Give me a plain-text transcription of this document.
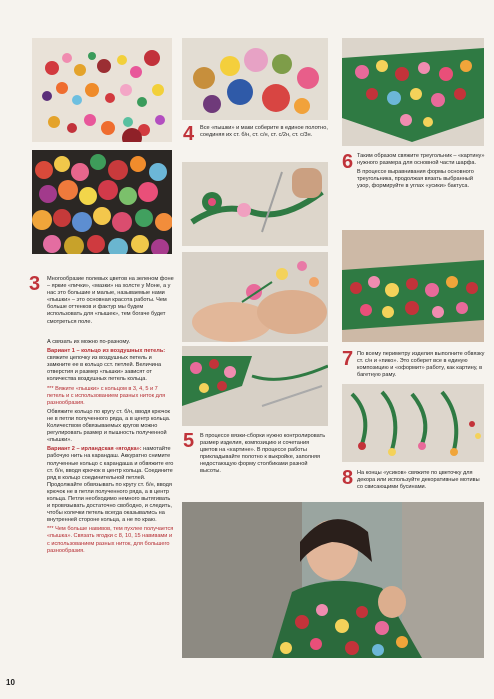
3 Многообразие полевых цветов на зеленом фоне – яркие «пички», «мазки» на холсте у Моне, а у нас это большие и малые, называемые нами «пышки» – это основная красота работы. Чем больше оттенков и фактур мы будем использовать для «пышек», тем богаче будет смотреться поле.

А связать их можно по-разному.

Вариант 1 – кольцо из воздушных петель: свяжите цепочку из воздушных петель и замкните ее в кольцо сст. петлей. Величина отверстия и размер «пышки» зависят от количества воздушных петель кольца.

*** Вяжите «пышки» с кольцом в 3, 4, 5 и 7 петель и с использованием разных ниток для разнообразия.

Обвяжите кольцо по кругу ст. б/н, вводя крючок не в петли полученного ряда, а в центр кольца. Количеством обвязываемых кругов можно регулировать размер и пышность полученной «пышки».

Вариант 2 – ирландская «ягодка»: намотайте рабочую нить на карандаш. Аккуратно снимите полученные кольцо с карандаша и обвяжите его ст. б/н, вводя крючок в центр кольца. Соедините ряд в кольцо соединительной петлей. Продолжайте обвязывать по кругу ст. б/н, вводя крючок не в петли полученного ряда, а в центр кольца. Петли необходимо немного вытягивать и провязывать достаточно свободно, и следить, чтобы колечки петель всегда оказывались на внутренней стороне кольца, а не по краю.

*** Чем больше навивов, тем пухлее получается «пышка». Связать ягодки с 8, 10, 15 навивами и с использованием разных ниток, для большего разнообразия.

4 Все «пышки» и маки соберите в единое полотно, соединяя их ст. б/н, ст. с/н, ст. с/2н, ст. с/3н.
5 В процессе вязки-сборки нужно контролировать размер изделия, композицию и сочетания цветов на «картине». В процессе работы прикладывайте полотно к выкройке, заполняя недостающую форму столбиками разной высоты.
6 Таким образом свяжите треугольник – «картину» нужного размера для основной части шарфа.

В процессе выравнивания формы основного треугольника, продолжая вязать выбранный узор, формируйте в углах «усики» бактуса.

7 По всему периметру изделия выполните обвязку ст. с/н и «пико». Это соберет все в единую композицию и «оформит» работу, как картину, в багетную раму.
8 На концы «усиков» свяжите по цветочку для декора или используйте декоративные мотивы со свисающими бусинами.
10
